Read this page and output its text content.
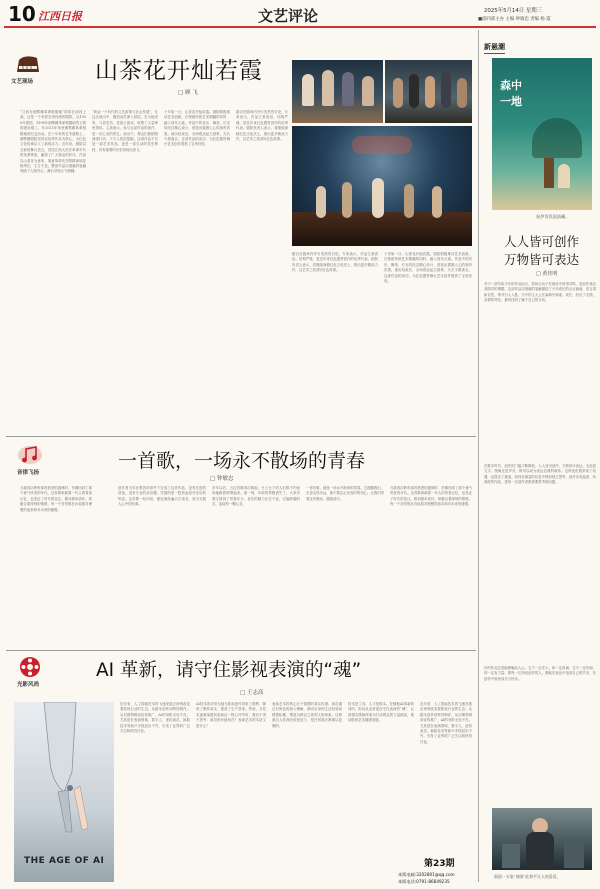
10 江西日报	文艺评论	2025年5月14日 星期三
■副刊部主办 主编 钟敏忠 责编 杨 霞
文艺现场	山茶花开灿若霞
□ 顾 飞
“江西在湘鄂赣革命根据地”即将在南昌上演。这是一个有着光荣传统的剧院，从1956年建团，1998年湘鄂赣革命根据地烈士陵园建设竣工，在2015年荣获湘鄂赣革命根据地的纪念活动。在十年来的艺术道路上，湘鄂赣剧院坚持以优秀作品为核心，为红色文化传承注入了新的活力。近年来，剧院以全新的舞台语言，讲述江西人民在革命年代的英勇事迹，赢得了广大观众的好评。作品以山茶花为意象，寓意革命先烈的精神如花般绚烂，生生不息。整部作品以细腻的笔触刻画了人物内心，舞台呈现大气磅礴。
“黄金一个时代的文艺政策与社会发展”，在这次演出中，剧组成员深入基层，在当地采风，与老党员、老战士座谈，收集了大量珍贵资料。主演表示，参与这部作品的创作，是一次心灵的洗礼。演出中，观众们被剧情深深打动，不少人热泪盈眶。这部作品不仅是一部艺术作品，更是一部生动的党史教材，具有重要的历史和现实意义。
十年如一日，山茶花开灿若霞。剧院积极推动艺术创新，在保留传统艺术精髓的同时，融入现代元素。作品中的音乐、舞美、灯光均经过精心设计，营造出震撼人心的视听效果。演出结束后，全场观众起立鼓掌，久久不愿离去。这部作品的成功，为红色题材舞台艺术创作提供了宝贵经验。
剧目在剧场内外引发热烈讨论，专家表示，作品立意高远、结构严谨，是近年来红色题材创作的优秀代表。剧院负责人表示，将继续深耕红色文化沃土，推出更多精品力作，以艺术之美讲好红色故事。
剧目在剧场内外引发热烈讨论，专家表示，作品立意高远、结构严谨，是近年来红色题材创作的优秀代表。剧院负责人表示，将继续深耕红色文化沃土，推出更多精品力作，以艺术之美讲好红色故事。
十年如一日，山茶花开灿若霞。剧院积极推动艺术创新，在保留传统艺术精髓的同时，融入现代元素。作品中的音乐、舞美、灯光均经过精心设计，营造出震撼人心的视听效果。演出结束后，全场观众起立鼓掌，久久不愿离去。这部作品的成功，为红色题材舞台艺术创作提供了宝贵经验。
音律飞扬
一首歌，一场永不散场的青春
□ 钟敏忠
当我再次聆听那首熟悉的旋律时，仿佛回到了那个意气风发的年代。这首歌承载着一代人的青春记忆，也见证了时代的变迁。歌词简单质朴，却蕴含着深刻的情感，每一个音符都在诉说着对理想的追求和对未来的憧憬。
创作者当年在艰苦的条件下完成了这首作品，没有先进的设备，没有专业的录音棚，凭借的是一腔热血和对音乐的热爱。这首歌一经问世，便迅速传遍大江南北，成为无数人心中的经典。
多年以后，当这首歌再次响起，台上台下的人们都不约而同地跟着哼唱起来。那一刻，年龄的界限消失了，大家仿佛又回到了青春年少。音乐的魅力正在于此，它能跨越时空，连接每一颗心灵。
一首好歌，就是一场永不散场的青春。它提醒我们，无论走得多远，都不要忘记出发时的初心。让我们带着这份感动，继续前行。
当我再次聆听那首熟悉的旋律时，仿佛回到了那个意气风发的年代。这首歌承载着一代人的青春记忆，也见证了时代的变迁。歌词简单质朴，却蕴含着深刻的情感，每一个音符都在诉说着对理想的追求和对未来的憧憬。
光影风尚
AI 革新，请守住影视表演的“魂”
□ 王志高
THE AGE OF AI
近年来，人工智能技术的飞速发展正深刻改变着影视行业的生态。从剧本创作到特效制作，从后期剪辑到宣传推广，AI的身影无处不在。尤其是在表演领域，数字人、虚拟演员、换脸技术等新兴手段层出不穷，引发了业界的广泛关注和热烈讨论。
AI技术的应用无疑为影视创作带来了便利，降低了制作成本，提高了生产效率。然而，当技术逐渐渗透到表演这一核心环节时，我们不得不思考：演员的价值何在？表演艺术的本质又是什么？
表演艺术的核心在于情感的真实传递。演员通过对角色的深入理解，调动自身的生活经验和情感积累，塑造出鲜活立体的人物形象。这种源自人性深处的创造力，是任何算法都难以复制的。
技术是工具，人才是根本。在拥抱AI革新的同时，影视从业者更应守住表演的“魂”，让真情实感始终成为打动观众的力量源泉，推动影视艺术健康发展。
近年来，人工智能技术的飞速发展正深刻改变着影视行业的生态。从剧本创作到特效制作，从后期剪辑到宣传推广，AI的身影无处不在。尤其是在表演领域，数字人、虚拟演员、换脸技术等新兴手段层出不穷，引发了业界的广泛关注和热烈讨论。
第23期
本版电邮:3202801@qq.com
本版电话:0791-86849235
新悬潮
森中一地
祝伊哥乳倡油藏。
人人皆可创作
万物皆可表达
□ 黄佳明
对于一部写给少年的作品而言，如何让孩子在阅读中获得共鸣，是创作者必须面对的课题。这部作品以细腻的笔触描绘了少年成长的点点滴滴，语言清新自然，情节引人入胜。书中的主人公在森林中探索、成长，经历了友情、亲情的考验，最终找到了属于自己的方向。
在数字时代，创作的门槛不断降低，人人皆可创作，万物皆可表达。无论是文字、图像还是声音，都可以成为表达自我的载体。这种变化既带来了机遇，也提出了挑战。如何在海量的信息中保持独立思考，创作出有温度、有深度的作品，是每一位创作者都需要思考的问题。
好的作品总是能够触动人心。它不一定宏大，却一定真诚；它不一定华丽，却一定有力量。愿每一位热爱创作的人，都能在表达中找到自己的声音，在创作中收获成长与快乐。
画面一支笔“刻画”此刻平凡人的喜爱。
